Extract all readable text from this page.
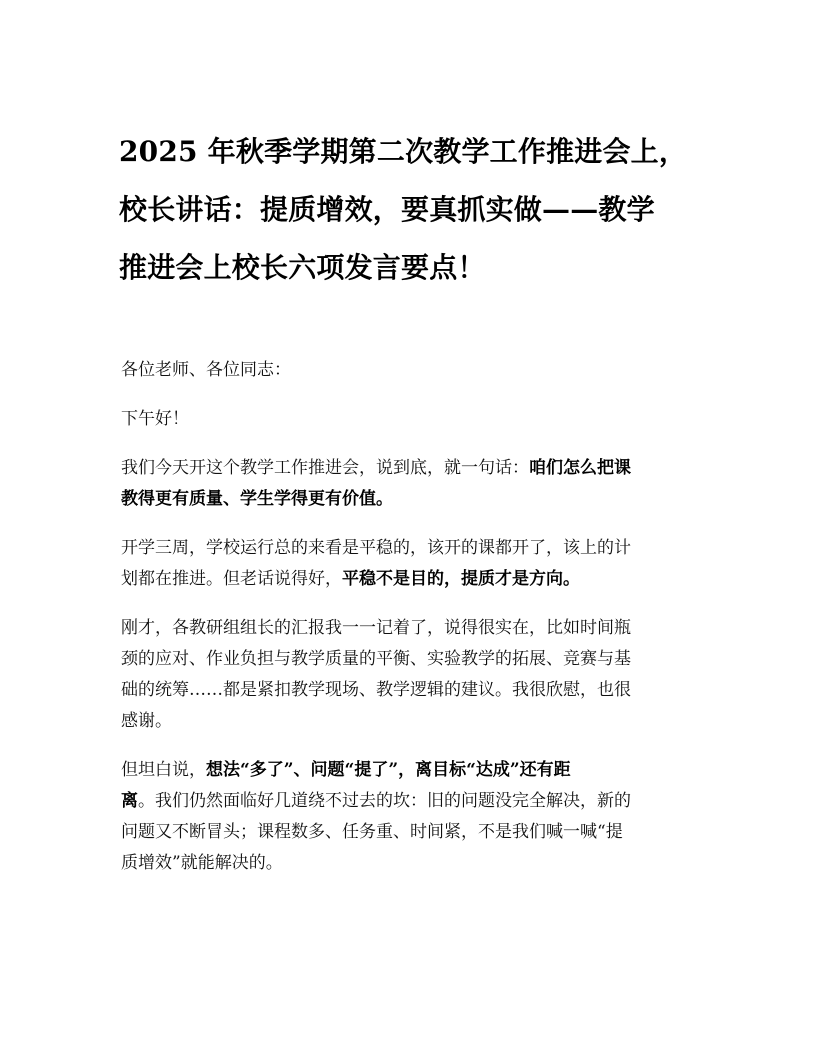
2025 年秋季学期第二次教学工作推进会上，
校长讲话：提质增效，要真抓实做——教学
推进会上校长六项发言要点！

各位老师、各位同志：

下午好！

我们今天开这个教学工作推进会，说到底，就一句话：咱们怎么把课
教得更有质量、学生学得更有价值。

开学三周，学校运行总的来看是平稳的，该开的课都开了，该上的计
划都在推进。但老话说得好，平稳不是目的，提质才是方向。

刚才，各教研组组长的汇报我一一记着了，说得很实在，比如时间瓶
颈的应对、作业负担与教学质量的平衡、实验教学的拓展、竞赛与基
础的统筹……都是紧扣教学现场、教学逻辑的建议。我很欣慰，也很
感谢。

但坦白说，想法“多了”、问题“提了”，离目标“达成”还有距
离。我们仍然面临好几道绕不过去的坎：旧的问题没完全解决，新的
问题又不断冒头；课程数多、任务重、时间紧，不是我们喊一喊“提
质增效”就能解决的。
